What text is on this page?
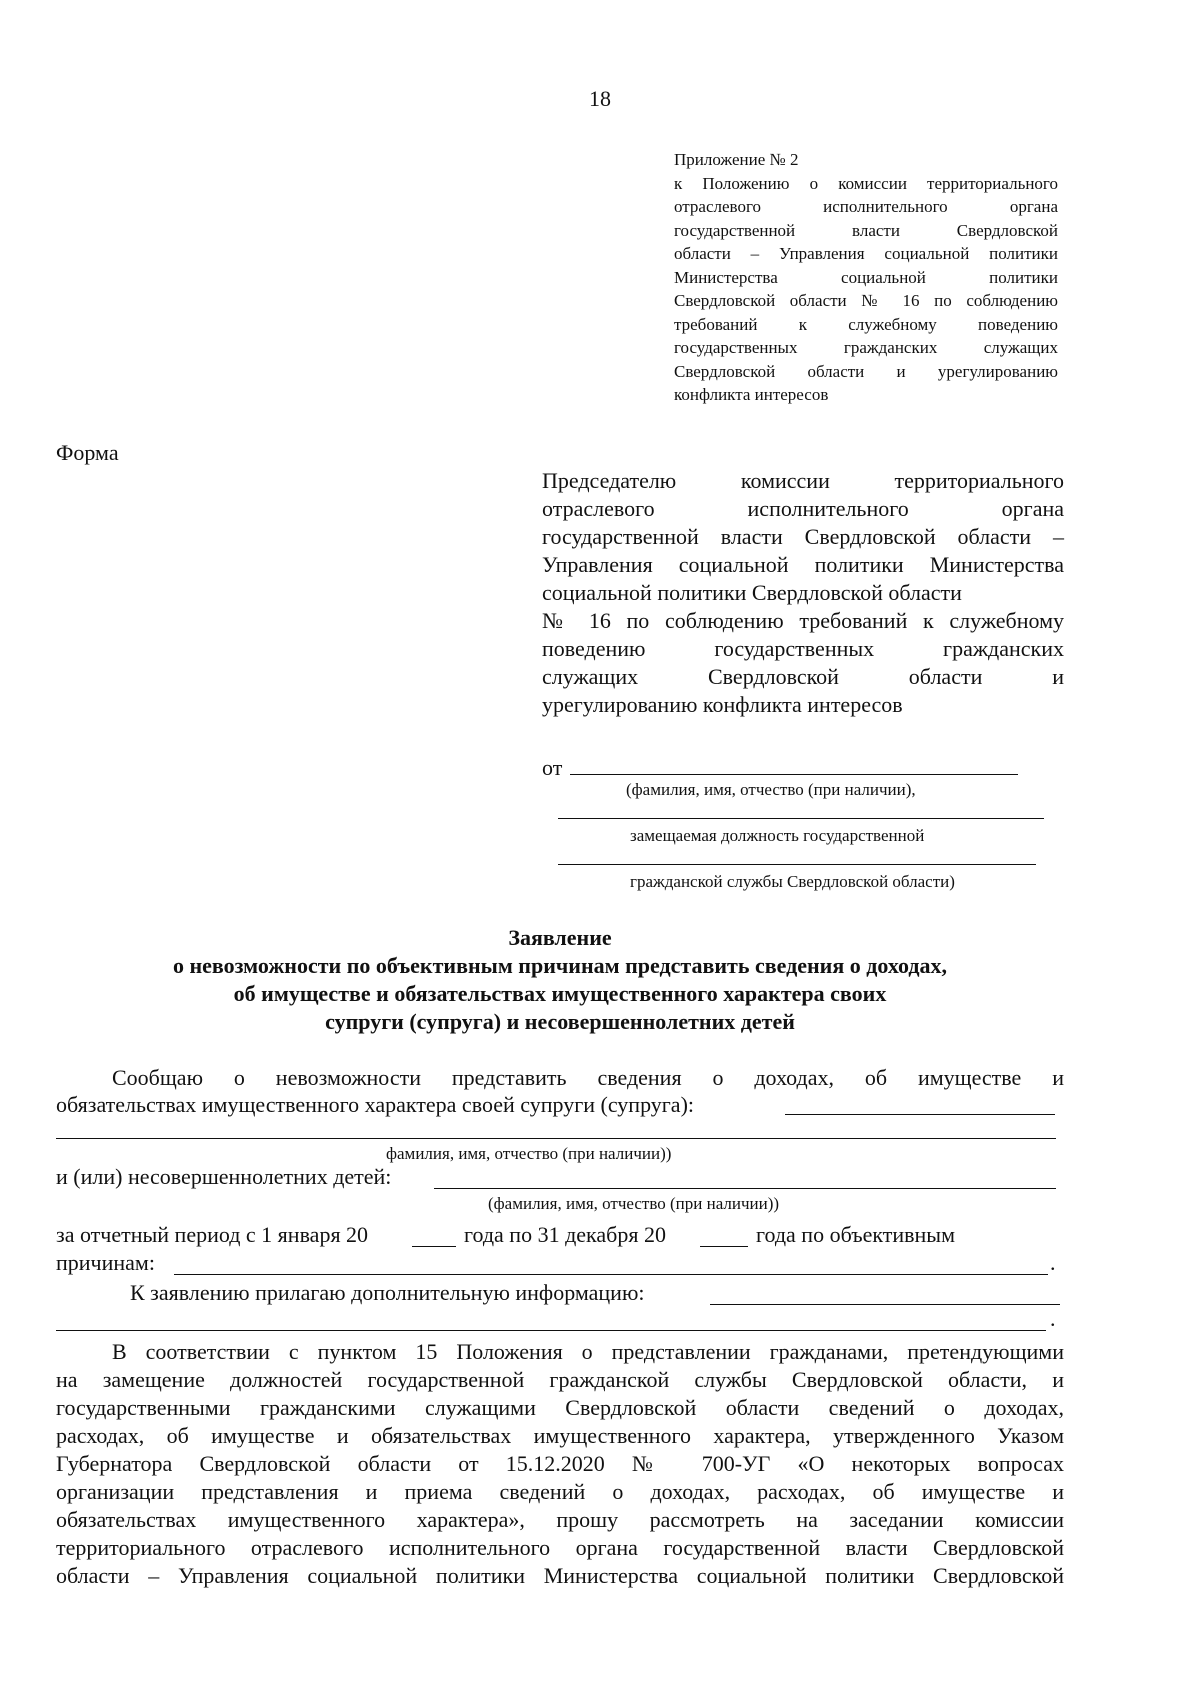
18
Приложение № 2
к Положению о комиссии территориального
отраслевого исполнительного органа
государственной власти Свердловской
области – Управления социальной политики
Министерства социальной политики
Свердловской области № 16 по соблюдению
требований к служебному поведению
государственных гражданских служащих
Свердловской области и урегулированию
конфликта интересов
Форма
Председателю комиссии территориального
отраслевого исполнительного органа
государственной власти Свердловской области –
Управления социальной политики Министерства
социальной политики Свердловской области
№ 16 по соблюдению требований к служебному
поведению государственных гражданских
служащих Свердловской области и
урегулированию конфликта интересов
от
(фамилия, имя, отчество (при наличии),
замещаемая должность государственной
гражданской службы Свердловской области)
Заявление
о невозможности по объективным причинам представить сведения о доходах,
об имуществе и обязательствах имущественного характера своих
супруги (супруга) и несовершеннолетних детей
Сообщаю о невозможности представить сведения о доходах, об имуществе и
обязательствах имущественного характера своей супруги (супруга):
фамилия, имя, отчество (при наличии))
и (или) несовершеннолетних детей:
(фамилия, имя, отчество (при наличии))
за отчетный период с 1 января 20	года по 31 декабря 20	года по объективным
причинам:	.
К заявлению прилагаю дополнительную информацию:
.
В соответствии с пунктом 15 Положения о представлении гражданами, претендующими
на замещение должностей государственной гражданской службы Свердловской области, и
государственными гражданскими служащими Свердловской области сведений о доходах,
расходах, об имуществе и обязательствах имущественного характера, утвержденного Указом
Губернатора Свердловской области от 15.12.2020 № 700-УГ «О некоторых вопросах
организации представления и приема сведений о доходах, расходах, об имуществе и
обязательствах имущественного характера», прошу рассмотреть на заседании комиссии
территориального отраслевого исполнительного органа государственной власти Свердловской
области – Управления социальной политики Министерства социальной политики Свердловской
